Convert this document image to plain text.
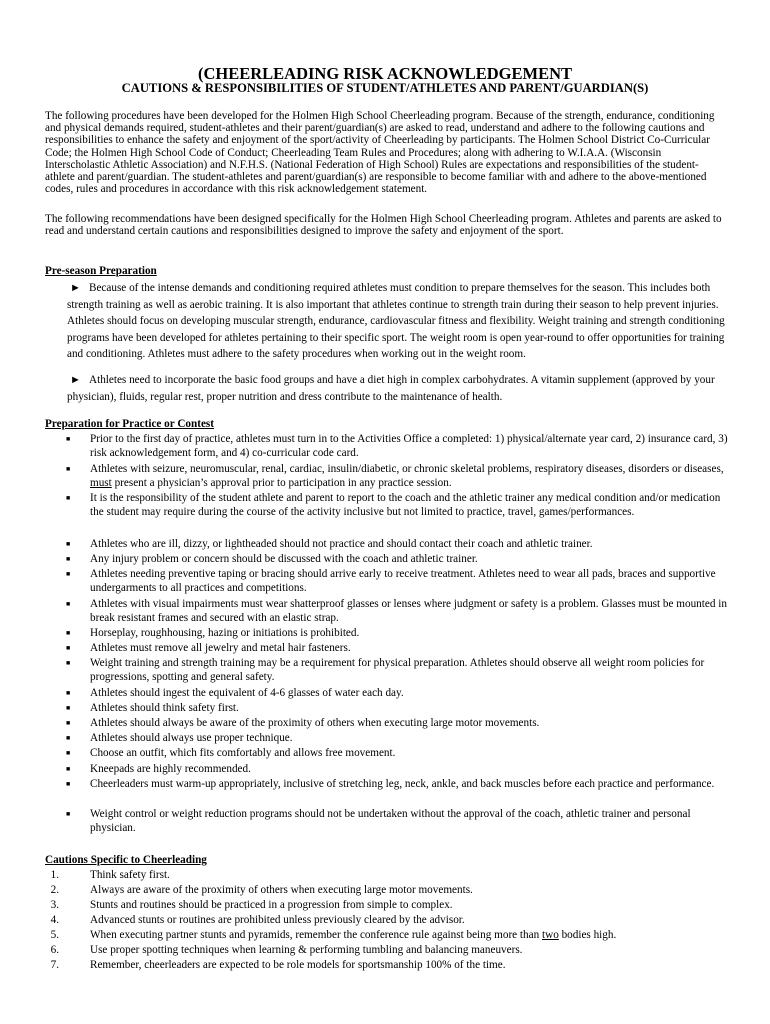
(CHEERLEADING RISK ACKNOWLEDGEMENT
CAUTIONS & RESPONSIBILITIES OF STUDENT/ATHLETES AND PARENT/GUARDIAN(S)
The following procedures have been developed for the Holmen High School Cheerleading program. Because of the strength, endurance, conditioning and physical demands required, student-athletes and their parent/guardian(s) are asked to read, understand and adhere to the following cautions and responsibilities to enhance the safety and enjoyment of the sport/activity of Cheerleading by participants. The Holmen School District Co-Curricular Code; the Holmen High School Code of Conduct; Cheerleading Team Rules and Procedures; along with adhering to W.I.A.A. (Wisconsin Interscholastic Athletic Association) and N.F.H.S. (National Federation of High School) Rules are expectations and responsibilities of the student-athlete and parent/guardian. The student-athletes and parent/guardian(s) are responsible to become familiar with and adhere to the above-mentioned codes, rules and procedures in accordance with this risk acknowledgement statement.
The following recommendations have been designed specifically for the Holmen High School Cheerleading program. Athletes and parents are asked to read and understand certain cautions and responsibilities designed to improve the safety and enjoyment of the sport.
Pre-season Preparation
► Because of the intense demands and conditioning required athletes must condition to prepare themselves for the season. This includes both strength training as well as aerobic training. It is also important that athletes continue to strength train during their season to help prevent injuries. Athletes should focus on developing muscular strength, endurance, cardiovascular fitness and flexibility. Weight training and strength conditioning programs have been developed for athletes pertaining to their specific sport. The weight room is open year-round to offer opportunities for training and conditioning. Athletes must adhere to the safety procedures when working out in the weight room.
► Athletes need to incorporate the basic food groups and have a diet high in complex carbohydrates. A vitamin supplement (approved by your physician), fluids, regular rest, proper nutrition and dress contribute to the maintenance of health.
Preparation for Practice or Contest
■ Prior to the first day of practice, athletes must turn in to the Activities Office a completed: 1) physical/alternate year card, 2) insurance card, 3) risk acknowledgement form, and 4) co-curricular code card.
■ Athletes with seizure, neuromuscular, renal, cardiac, insulin/diabetic, or chronic skeletal problems, respiratory diseases, disorders or diseases, must present a physician’s approval prior to participation in any practice session.
■ It is the responsibility of the student athlete and parent to report to the coach and the athletic trainer any medical condition and/or medication the student may require during the course of the activity inclusive but not limited to practice, travel, games/performances.
■ Athletes who are ill, dizzy, or lightheaded should not practice and should contact their coach and athletic trainer.
■ Any injury problem or concern should be discussed with the coach and athletic trainer.
■ Athletes needing preventive taping or bracing should arrive early to receive treatment. Athletes need to wear all pads, braces and supportive undergarments to all practices and competitions.
■ Athletes with visual impairments must wear shatterproof glasses or lenses where judgment or safety is a problem. Glasses must be mounted in break resistant frames and secured with an elastic strap.
■ Horseplay, roughhousing, hazing or initiations is prohibited.
■ Athletes must remove all jewelry and metal hair fasteners.
■ Weight training and strength training may be a requirement for physical preparation. Athletes should observe all weight room policies for progressions, spotting and general safety.
■ Athletes should ingest the equivalent of 4-6 glasses of water each day.
■ Athletes should think safety first.
■ Athletes should always be aware of the proximity of others when executing large motor movements.
■ Athletes should always use proper technique.
■ Choose an outfit, which fits comfortably and allows free movement.
■ Kneepads are highly recommended.
■ Cheerleaders must warm-up appropriately, inclusive of stretching leg, neck, ankle, and back muscles before each practice and performance.
■ Weight control or weight reduction programs should not be undertaken without the approval of the coach, athletic trainer and personal physician.
Cautions Specific to Cheerleading
1.	Think safety first.
2.	Always are aware of the proximity of others when executing large motor movements.
3.	Stunts and routines should be practiced in a progression from simple to complex.
4.	Advanced stunts or routines are prohibited unless previously cleared by the advisor.
5.	When executing partner stunts and pyramids, remember the conference rule against being more than two bodies high.
6.	Use proper spotting techniques when learning & performing tumbling and balancing maneuvers.
7.	Remember, cheerleaders are expected to be role models for sportsmanship 100% of the time.
